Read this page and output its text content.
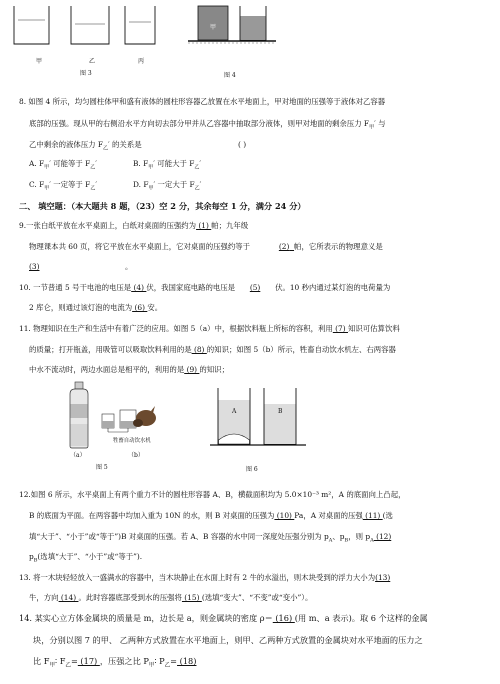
甲	乙	丙
图 3
甲
图 4
8. 如图 4 所示，均匀圆柱体甲和盛有液体的圆柱形容器乙放置在水平地面上，甲对地面的压强等于液体对乙容器
底部的压强。现从甲的右侧沿水平方向切去部分甲并从乙容器中抽取部分液体，则甲对地面的剩余压力 $F_甲'$ 与
乙中剩余的液体压力 $F_乙'$ 的关系是	( )
A. $F_甲'$ 可能等于 $F_乙'$	B. $F_甲'$ 可能大于 $F_乙'$
C. $F_甲'$ 一定等于 $F_乙'$	D. $F_甲'$ 一定大于 $F_乙'$
二、 填空题：（本大题共 8 题，（23）空 2 分，其余每空 1 分，满分 24 分）
9.一张白纸平放在水平桌面上，白纸对桌面的压强约为 (1) 帕；九年级
物理课本共 60 页，将它平放在水平桌面上，它对桌面的压强约等于	(2) 帕，它所表示的物理意义是
(3)	。
10. 一节普通 5 号干电池的电压是 (4) 伏，我国家庭电路的电压是 (5) 伏。10 秒内通过某灯泡的电荷量为
2 库仑，则通过该灯泡的电流为 (6) 安。
11. 物理知识在生产和生活中有着广泛的应用。如图 5（a）中，根据饮料瓶上所标的容积，利用 (7) 知识可估算饮料
的质量；打开瓶盖，用吸管可以吸取饮料利用的是 (8) 的知识；如图 5（b）所示，牲畜自动饮水机左、右两容器
中水不流动时，两边水面总是相平的，利用的是 (9) 的知识；
牲畜自动饮水机
（a）	（b）
图 5
A	B
图 6
12.如图 6 所示，水平桌面上有两个重力不计的圆柱形容器 A、B，横截面积均为 5.0×10⁻³ m²，A 的底面向上凸起，
B 的底面为平面。在两容器中均加入重为 10N 的水，则 B 对桌面的压强为 (10) Pa，A 对桌面的压强 (11) (选
填“大于”、“小于”或“等于”)B 对桌面的压强。若 A、B 容器的水中同一深度处压强分别为 $p_A$、$p_B$，则 $p_A$ (12)
$p_B$(选填“大于”、“小于”或“等于”).
13. 将一木块轻轻放入一盛满水的容器中，当木块静止在水面上时有 2 牛的水溢出，则木块受到的浮力大小为(13)
牛，方向 (14) 。此时容器底部受到水的压强将 (15) (选填“变大”、“不变”或“变小”）。
14. 某实心立方体金属块的质量是 m，边长是 a，则金属块的密度 ρ＝ (16) (用 m、a 表示)。取 6 个这样的金属
块，分别以图 7 的甲、 乙两种方式放置在水平地面上，则甲、乙两种方式放置的金属块对水平地面的压力之
比 $F_甲∶$ $F_乙= (17)$ ，压强之比 $P_甲∶$ $P_乙= (18)$
